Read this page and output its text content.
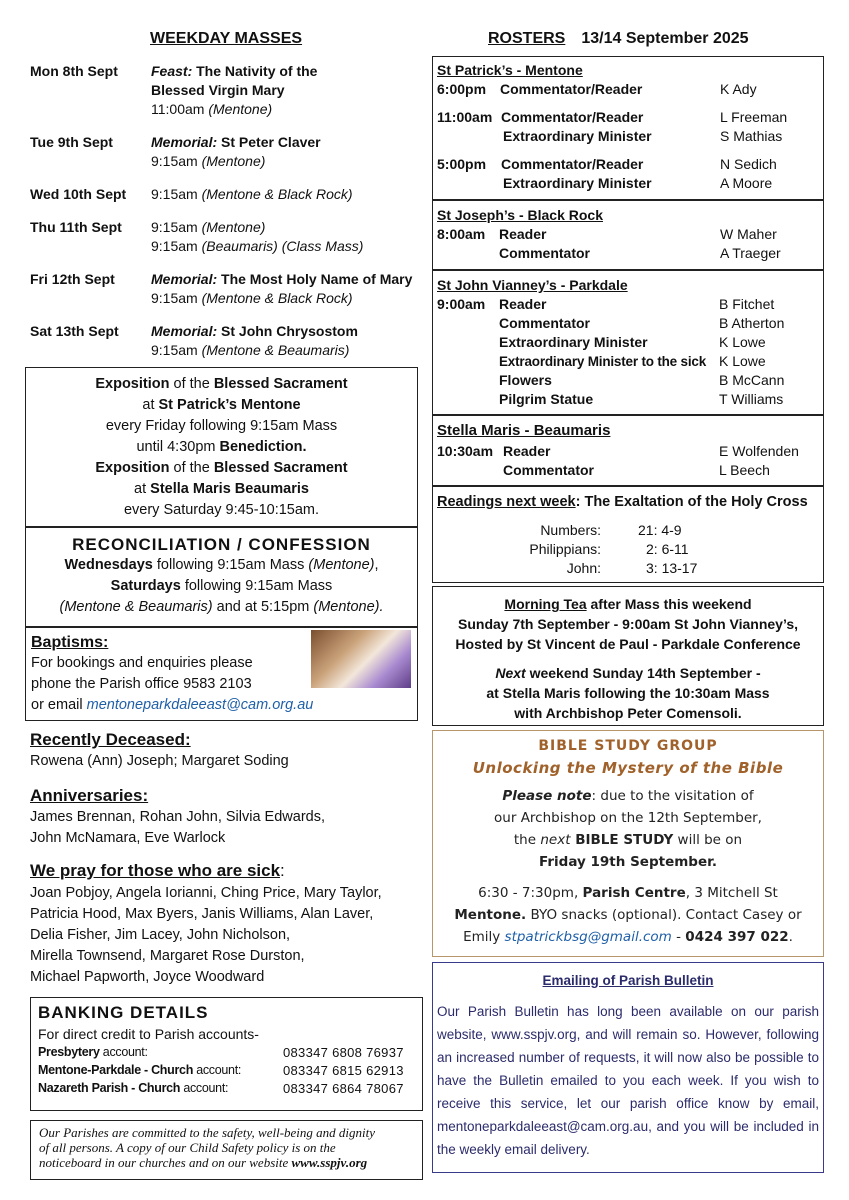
WEEKDAY MASSES
Mon 8th Sept Feast: The Nativity of the
Blessed Virgin Mary
11:00am (Mentone)
Tue 9th Sept	Memorial: St Peter Claver
9:15am (Mentone)
Wed 10th Sept 9:15am (Mentone & Black Rock)
Thu 11th Sept 9:15am (Mentone)
9:15am (Beaumaris) (Class Mass)
Fri 12th Sept	Memorial: The Most Holy Name of Mary
9:15am (Mentone & Black Rock)
Sat 13th Sept Memorial: St John Chrysostom
9:15am (Mentone & Beaumaris)
Exposition of the Blessed Sacrament
at St Patrick’s Mentone
every Friday following 9:15am Mass
until 4:30pm Benediction.
Exposition of the Blessed Sacrament
at Stella Maris Beaumaris
every Saturday 9:45-10:15am.
RECONCILIATION / CONFESSION
Wednesdays following 9:15am Mass (Mentone),
Saturdays following 9:15am Mass
(Mentone & Beaumaris) and at 5:15pm (Mentone).
Baptisms:
For bookings and enquiries please
phone the Parish office 9583 2103
or email mentoneparkdaleeast@cam.org.au
Recently Deceased:
Rowena (Ann) Joseph; Margaret Soding
Anniversaries:
James Brennan, Rohan John, Silvia Edwards,
John McNamara, Eve Warlock
We pray for those who are sick:
Joan Pobjoy, Angela Iorianni, Ching Price, Mary Taylor,
Patricia Hood, Max Byers, Janis Williams, Alan Laver,
Delia Fisher, Jim Lacey, John Nicholson,
Mirella Townsend, Margaret Rose Durston,
Michael Papworth, Joyce Woodward
BANKING DETAILS
For direct credit to Parish accounts-
Presbytery account:	083347 6808 76937
Mentone-Parkdale - Church account:	083347 6815 62913
Nazareth Parish - Church account:	083347 6864 78067
Our Parishes are committed to the safety, well-being and dignity
of all persons. A copy of our Child Safety policy is on the
noticeboard in our churches and on our website www.sspjv.org
ROSTERS 13/14 September 2025
St Patrick’s - Mentone
6:00pm Commentator/Reader	K Ady
11:00am Commentator/Reader	L Freeman
Extraordinary Minister	S Mathias
5:00pm Commentator/Reader	N Sedich
Extraordinary Minister	A Moore
St Joseph’s - Black Rock
8:00am Reader	W Maher
Commentator	A Traeger
St John Vianney’s - Parkdale
9:00am Reader	B Fitchet
Commentator	B Atherton
Extraordinary Minister	K Lowe
Extraordinary Minister to the sick K Lowe
Flowers	B McCann
Pilgrim Statue	T Williams
Stella Maris - Beaumaris
10:30am Reader	E Wolfenden
Commentator	L Beech
Readings next week: The Exaltation of the Holy Cross
Numbers:	21: 4-9
Philippians:	2: 6-11
John:	3: 13-17
Morning Tea after Mass this weekend
Sunday 7th September - 9:00am St John Vianney’s,
Hosted by St Vincent de Paul - Parkdale Conference
Next weekend Sunday 14th September -
at Stella Maris following the 10:30am Mass
with Archbishop Peter Comensoli.
BIBLE STUDY GROUP
Unlocking the Mystery of the Bible
Please note: due to the visitation of
our Archbishop on the 12th September,
the next BIBLE STUDY will be on
Friday 19th September.
6:30 - 7:30pm, Parish Centre, 3 Mitchell St
Mentone. BYO snacks (optional). Contact Casey or
Emily stpatrickbsg@gmail.com - 0424 397 022.
Emailing of Parish Bulletin
Our Parish Bulletin has long been available on our parish website, www.sspjv.org, and will remain so. However, following an increased number of requests, it will now also be possible to have the Bulletin emailed to you each week. If you wish to receive this service, let our parish office know by email, mentoneparkdaleeast@cam.org.au, and you will be included in the weekly email delivery.
